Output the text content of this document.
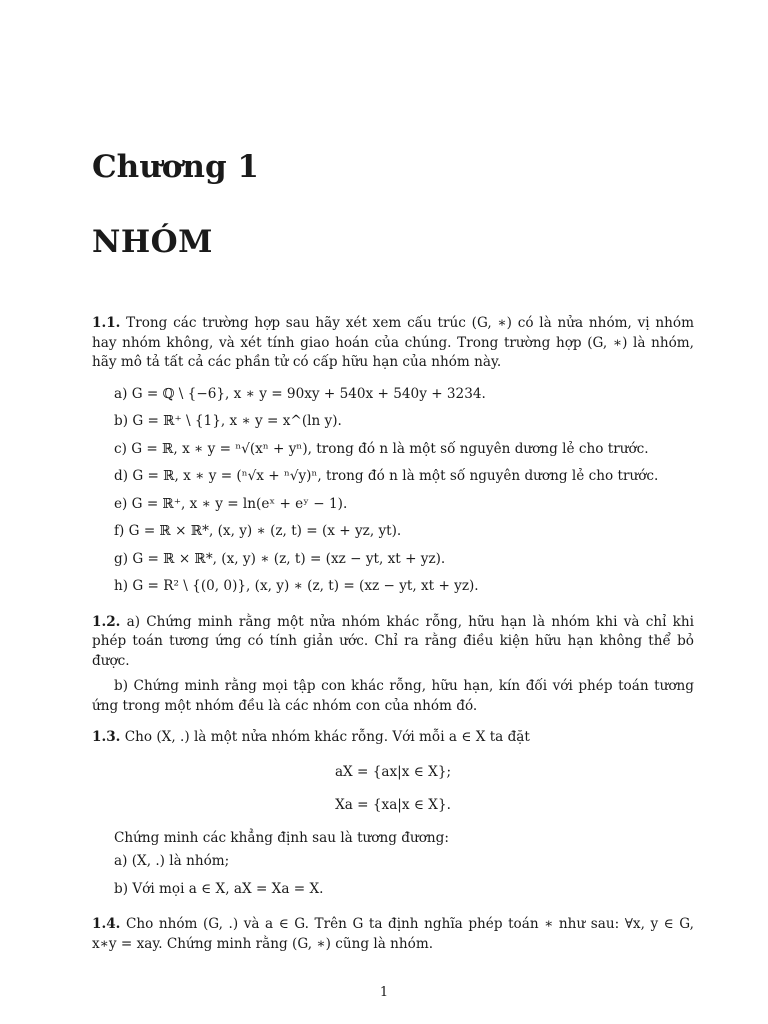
Chương 1
NHÓM

1.1. Trong các trường hợp sau hãy xét xem cấu trúc (G, ∗) có là nửa nhóm, vị nhóm hay nhóm không, và xét tính giao hoán của chúng. Trong trường hợp (G, ∗) là nhóm, hãy mô tả tất cả các phần tử có cấp hữu hạn của nhóm này.

a) G = ℚ \ {−6}, x ∗ y = 90xy + 540x + 540y + 3234.

b) G = ℝ⁺ \ {1}, x ∗ y = x^(ln y).

c) G = ℝ, x ∗ y = ⁿ√(xⁿ + yⁿ), trong đó n là một số nguyên dương lẻ cho trước.

d) G = ℝ, x ∗ y = (ⁿ√x + ⁿ√y)ⁿ, trong đó n là một số nguyên dương lẻ cho trước.

e) G = ℝ⁺, x ∗ y = ln(eˣ + eʸ − 1).

f) G = ℝ × ℝ*, (x, y) ∗ (z, t) = (x + yz, yt).

g) G = ℝ × ℝ*, (x, y) ∗ (z, t) = (xz − yt, xt + yz).

h) G = R² \ {(0, 0)}, (x, y) ∗ (z, t) = (xz − yt, xt + yz).

1.2. a) Chứng minh rằng một nửa nhóm khác rỗng, hữu hạn là nhóm khi và chỉ khi phép toán tương ứng có tính giản ước. Chỉ ra rằng điều kiện hữu hạn không thể bỏ được.

b) Chứng minh rằng mọi tập con khác rỗng, hữu hạn, kín đối với phép toán tương ứng trong một nhóm đều là các nhóm con của nhóm đó.

1.3. Cho (X, .) là một nửa nhóm khác rỗng. Với mỗi a ∈ X ta đặt

aX = {ax|x ∈ X};

Xa = {xa|x ∈ X}.

Chứng minh các khẳng định sau là tương đương:

a) (X, .) là nhóm;

b) Với mọi a ∈ X, aX = Xa = X.

1.4. Cho nhóm (G, .) và a ∈ G. Trên G ta định nghĩa phép toán ∗ như sau: ∀x, y ∈ G, x∗y = xay. Chứng minh rằng (G, ∗) cũng là nhóm.

1
